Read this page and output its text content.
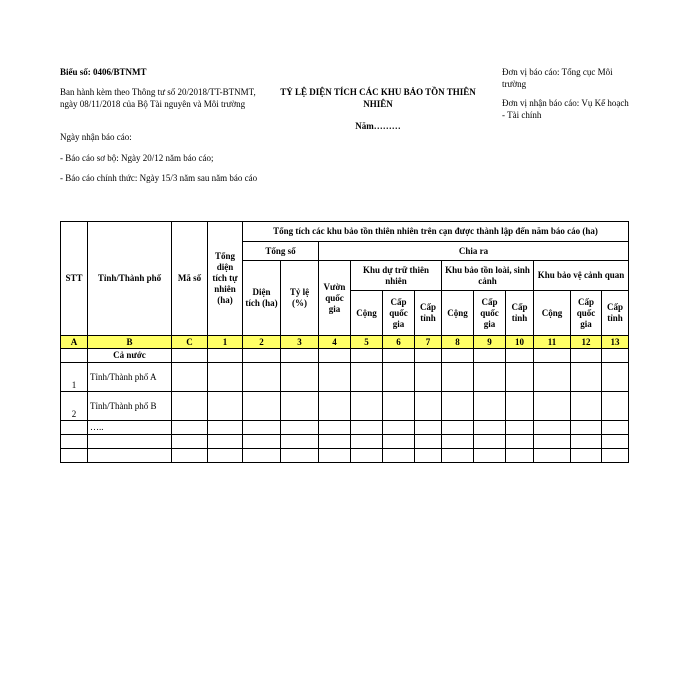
Biểu số: 0406/BTNMT
Ban hành kèm theo Thông tư số 20/2018/TT-BTNMT, ngày 08/11/2018 của Bộ Tài nguyên và Môi trường
Ngày nhận báo cáo:
- Báo cáo sơ bộ: Ngày 20/12 năm báo cáo;
- Báo cáo chính thức: Ngày 15/3 năm sau năm báo cáo
TỶ LỆ DIỆN TÍCH CÁC KHU BẢO TỒN THIÊN NHIÊN
Năm………
Đơn vị báo cáo: Tổng cục Môi trường
Đơn vị nhận báo cáo: Vụ Kế hoạch - Tài chính
STT	Tỉnh/Thành phố	Mã số	Tổng diện tích tự nhiên (ha)	Tổng tích các khu bảo tồn thiên nhiên trên cạn được thành lập đến năm báo cáo (ha)											
				Tổng số		Chia ra									
				Diện tích (ha)	Tỷ lệ (%)	Vườn quốc gia	Khu dự trữ thiên nhiên			Khu bảo tồn loài, sinh cảnh			Khu bảo vệ cảnh quan		
							Cộng	Cấp quốc gia	Cấp tỉnh	Cộng	Cấp quốc gia	Cấp tỉnh	Cộng	Cấp quốc gia	Cấp tỉnh
A	B	C	1	2	3	4	5	6	7	8	9	10	11	12	13
	Cả nước														
1	Tỉnh/Thành phố A														
2	Tỉnh/Thành phố B														
	…..														
